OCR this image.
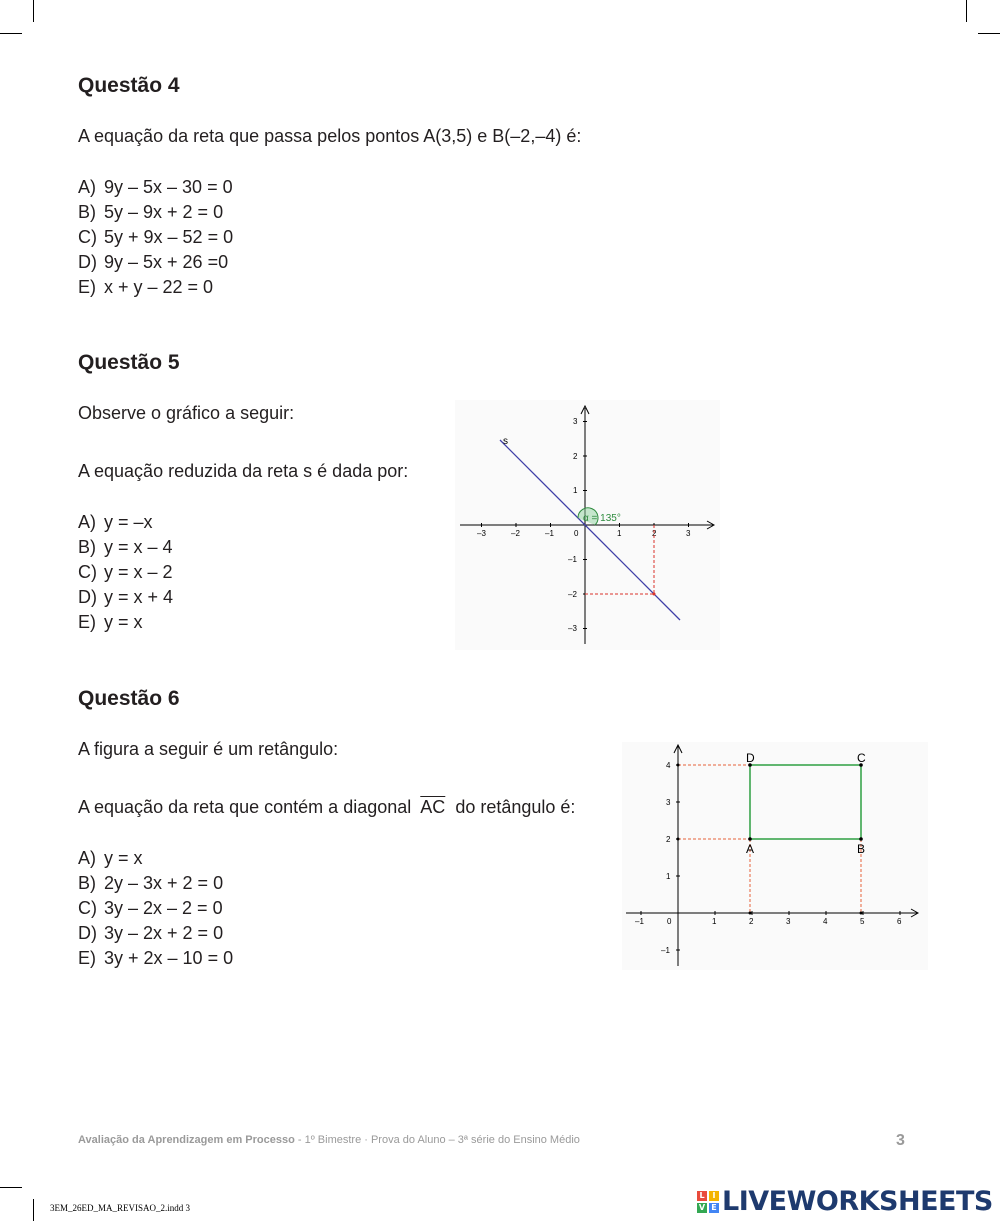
Questão 4
A equação da reta que passa pelos pontos A(3,5) e B(–2,–4) é:
A) 9y – 5x – 30 = 0
B) 5y – 9x + 2 = 0
C) 5y + 9x – 52 = 0
D) 9y – 5x + 26 =0
E) x + y – 22 = 0
Questão 5
Observe o gráfico a seguir:
A equação reduzida da reta s é dada por:
A) y = –x
B) y = x – 4
C) y = x – 2
D) y = x + 4
E) y = x
–3	–2	–1	0	1	2	3
1
2
3
–1
–2
–3
s
α = 135°
Questão 6
A figura a seguir é um retângulo:
A equação da reta que contém a diagonal $\overline{AC}$ do retângulo é:
A) y = x
B) 2y – 3x + 2 = 0
C) 3y – 2x – 2 = 0
D) 3y – 2x + 2 = 0
E) 3y + 2x – 10 = 0
–1	0	1	2	3	4	5	6
–1
1
2
3
4
A	B
C
D
Avaliação da Aprendizagem em Processo - 1º Bimestre · Prova do Aluno – 3ª série do Ensino Médio	3
3EM_26ED_MA_REVISAO_2.indd 3
L I
V E LIVEWORKSHEETS
